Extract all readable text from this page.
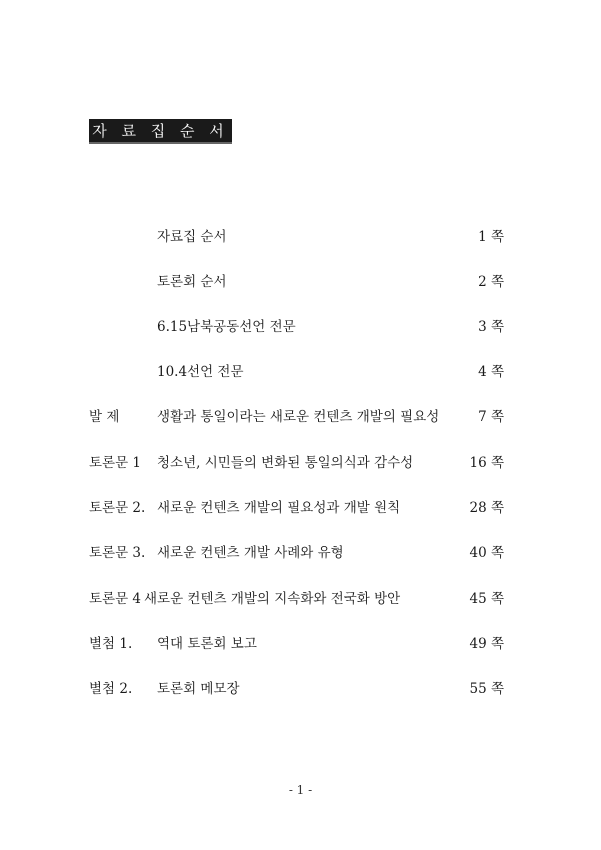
자 료 집 순 서
자료집 순서	1 쪽
토론회 순서	2 쪽
6.15남북공동선언 전문	3 쪽
10.4선언 전문	4 쪽
발 제	생활과 통일이라는 새로운 컨텐츠 개발의 필요성	7 쪽
토론문 1 청소년, 시민들의 변화된 통일의식과 감수성	16 쪽
토론문 2. 새로운 컨텐츠 개발의 필요성과 개발 원칙	28 쪽
토론문 3. 새로운 컨텐츠 개발 사례와 유형	40 쪽
토론문 4 새로운 컨텐츠 개발의 지속화와 전국화 방안	45 쪽
별첨 1. 역대 토론회 보고	49 쪽
별첨 2. 토론회 메모장	55 쪽
- 1 -
